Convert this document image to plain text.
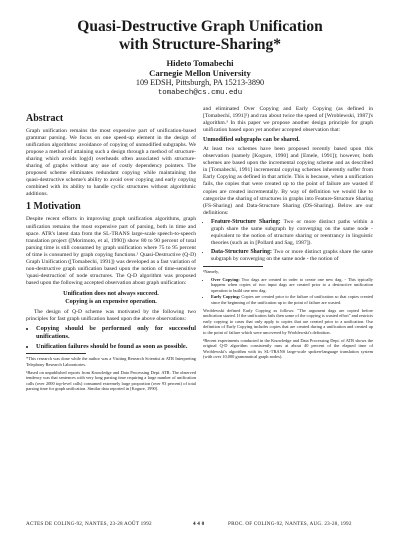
Quasi-Destructive Graph Unification
with Structure-Sharing*
Hideto Tomabechi
Carnegie Mellon University
109 EDSH, Pittsburgh, PA 15213-3890
tomabech@cs.cmu.edu
Abstract

Graph unification remains the most expensive part of unification-based grammar parsing. We focus on one speed-up element in the design of unification algorithms: avoidance of copying of unmodified subgraphs. We propose a method of attaining such a design through a method of structure-sharing which avoids log(d) overheads often associated with structure-sharing of graphs without any use of costly dependency pointers. The proposed scheme eliminates redundant copying while maintaining the quasi-destructive scheme's ability to avoid over copying and early copying combined with its ability to handle cyclic structures without algorithmic additions.

1 Motivation

Despite recent efforts in improving graph unification algorithms, graph unification remains the most expensive part of parsing, both in time and space. ATR's latest data from the SL-TRANS large-scale speech-to-speech translation project ([Morimoto, et al, 1990]) show 80 to 90 percent of total parsing time is still consumed by graph unification where 75 to 95 percent of time is consumed by graph copying functions.¹ Quasi-Destructive (Q-D) Graph Unification ([Tomabechi, 1991]) was developed as a fast variation of non-destructive graph unification based upon the notion of time-sensitive 'quasi-destruction' of node structures. The Q-D algorithm was proposed based upon the following accepted observation about graph unification:

Unification does not always succeed.
Copying is an expensive operation.

The design of Q-D scheme was motivated by the following two principles for fast graph unification based upon the above observations:

• Copying should be performed only for successful unifications.
• Unification failures should be found as soon as possible.

*This research was done while the author was a Visiting Research Scientist at ATR Interpreting Telephony Research Laboratories.

¹Based on unpublished reports from Knowledge and Data Processing Dept. ATR. The observed tendency was that sentences with very long parsing time requiring a large number of unification calls (over 2000 top-level calls) consumed extremely large proportion (over 93 percent) of total parsing time for graph unification. Similar data reported in [Kogure, 1990].

and eliminated Over Copying and Early Copying (as defined in [Tomabechi, 1991]²) and ran about twice the speed of [Wroblewski, 1987]'s algorithm.³ In this paper we propose another design principle for graph unification based upon yet another accepted observation that:

Unmodified subgraphs can be shared.

At least two schemes have been proposed recently based upon this observation (namely [Kogure, 1990] and [Emele, 1991]); however, both schemes are based upon the incremental copying scheme and as described in [Tomabechi, 1991] incremental copying schemes inherently suffer from Early Copying as defined in that article. This is because, when a unification fails, the copies that were created up to the point of failure are wasted if copies are created incrementally. By way of definition we would like to categorize the sharing of structures in graphs into Feature-Structure Sharing (FS-Sharing) and Data-Structure Sharing (DS-Sharing). Below are our definitions:

• Feature-Structure Sharing: Two or more distinct paths within a graph share the same subgraph by converging on the same node - equivalent to the notion of structure sharing or reentrancy in linguistic theories (such as in [Pollard and Sag, 1987]).
• Data-Structure Sharing: Two or more distinct graphs share the same subgraph by converging on the same node - the notion of

²Namely,

• Over Copying: Two dags are created in order to create one new dag. - This typically happens when copies of two input dags are created prior to a destructive unification operation to build one new dag.
• Early Copying: Copies are created prior to the failure of unification so that copies created since the beginning of the unification up to the point of failure are wasted.

Wroblewski defined Early Copying as follows: "The argument dags are copied before unification started. If the unification fails then some of the copying is wasted effort" and restricts early copying to cases that only apply to copies that are created prior to a unification. Our definition of Early Copying includes copies that are created during a unification and created up to the point of failure which were uncovered by Wroblewski's definition.

³Recent experiments conducted in the Knowledge and Data Processing Dept. of ATR shows the original Q-D algorithm consistently runs at about 40 percent of the elapsed time of Wroblewski's algorithm with its SL-TRANS large-scale spoken-language translation system (with over 10,000 grammatical graph nodes).

ACTES DE COLING-92, NANTES, 23-28 AOÛT 1992	4 4 0	PROC. OF COLING-92, NANTES, AUG. 23-28, 1992
